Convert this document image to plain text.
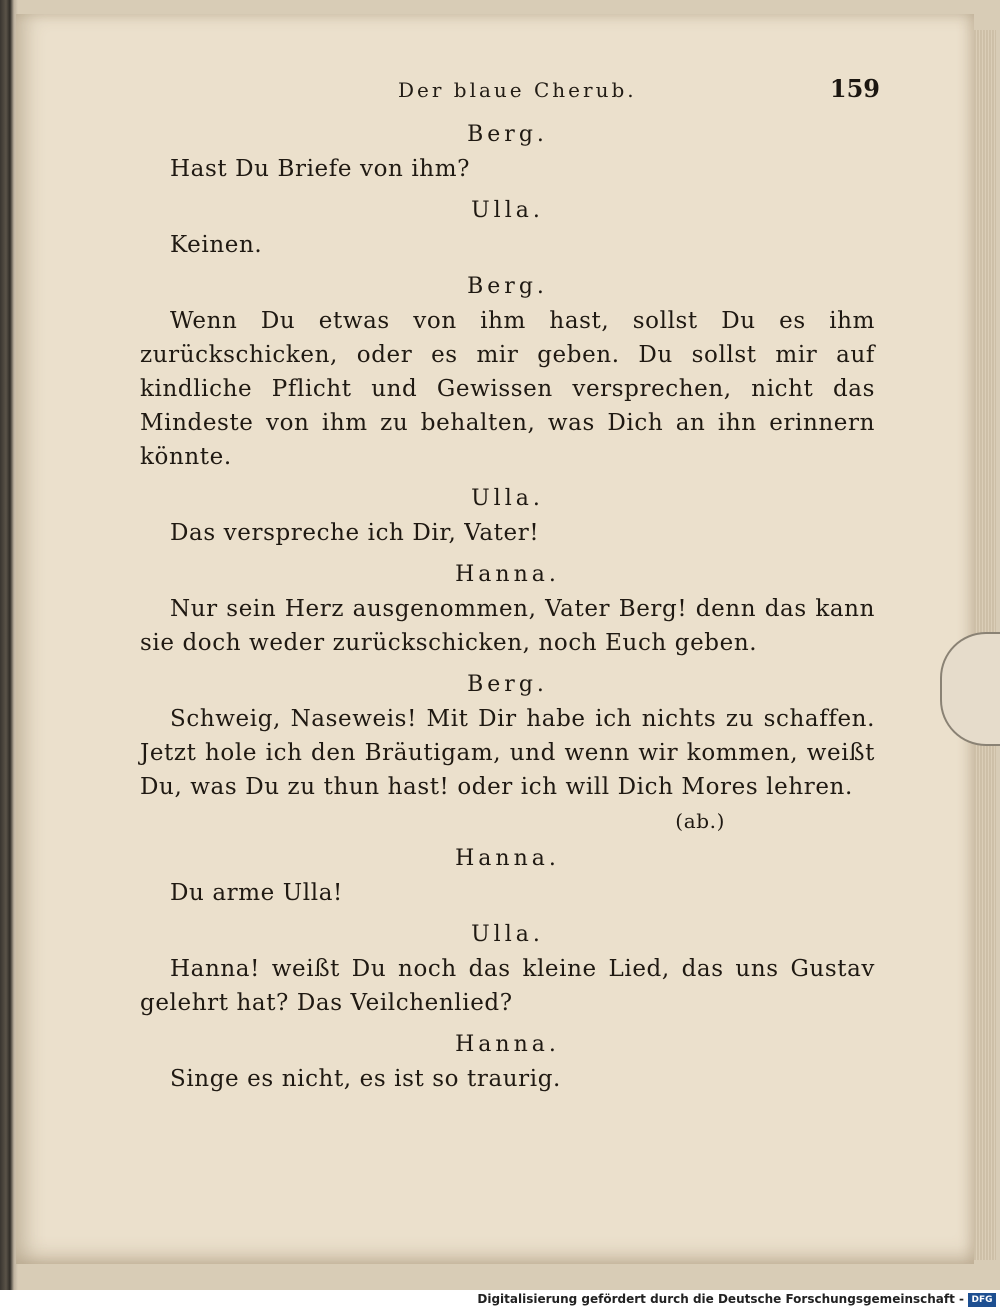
Der blaue Cherub.	159
Berg.
Hast Du Briefe von ihm?
Ulla.
Keinen.
Berg.
Wenn Du etwas von ihm hast, sollst Du es ihm zurückschicken, oder es mir geben. Du sollst mir auf kindliche Pflicht und Gewissen versprechen, nicht das Mindeste von ihm zu behalten, was Dich an ihn erinnern könnte.
Ulla.
Das verspreche ich Dir, Vater!
Hanna.
Nur sein Herz ausgenommen, Vater Berg! denn das kann sie doch weder zurückschicken, noch Euch geben.
Berg.
Schweig, Naseweis! Mit Dir habe ich nichts zu schaffen. Jetzt hole ich den Bräutigam, und wenn wir kommen, weißt Du, was Du zu thun hast! oder ich will Dich Mores lehren.
(ab.)
Hanna.
Du arme Ulla!
Ulla.
Hanna! weißt Du noch das kleine Lied, das uns Gustav gelehrt hat? Das Veilchenlied?
Hanna.
Singe es nicht, es ist so traurig.
Digitalisierung gefördert durch die Deutsche Forschungsgemeinschaft - DFG
